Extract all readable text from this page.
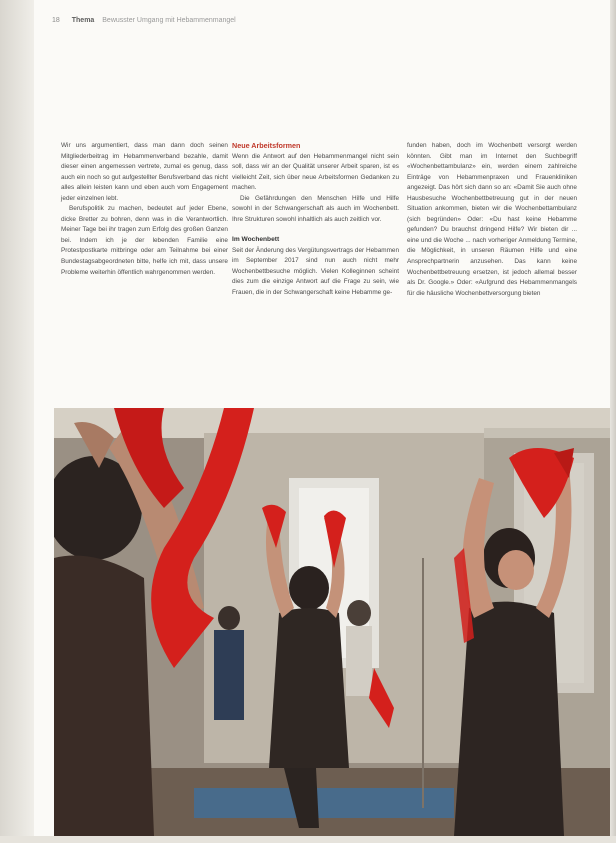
18 Thema Bewusster Umgang mit Hebammenmangel

Wir uns argumentiert, dass man dann doch seinen Mitgliederbeitrag im Hebammenverband bezahle, damit dieser einen angemessen vertrete, zumal es genug, dass auch ein noch so gut aufgestellter Berufsverband das nicht alles allein leisten kann und eben auch vom Engagement jeder einzelnen lebt.

Berufspolitik zu machen, bedeutet auf jeder Ebene, dicke Bretter zu bohren, denn was in die Verantwortlich. Meiner Tage bei ihr tragen zum Erfolg des großen Ganzen bei. Indem ich je der lebenden Familie eine Protestpostkarte mitbringe oder am Teilnahme bei einer Bundestagsabgeordneten bitte, helfe ich mit, dass unsere Probleme weiterhin öffentlich wahrgenommen werden.

Neue Arbeitsformen

Wenn die Antwort auf den Hebammenmangel nicht sein soll, dass wir an der Qualität unserer Arbeit sparen, ist es vielleicht Zeit, sich über neue Arbeitsformen Gedanken zu machen.

Die Gefährdungen den Menschen Hilfe und Hilfe sowohl in der Schwangerschaft als auch im Wochenbett. Ihre Strukturen sowohl inhaltlich als auch zeitlich vor.

Im Wochenbett

Seit der Änderung des Vergütungsvertrags der Hebammen im September 2017 sind nun auch nicht mehr Wochenbettbesuche möglich. Vielen Kolleginnen scheint dies zum die einzige Antwort auf die Frage zu sein, wie Frauen, die in der Schwangerschaft keine Hebamme ge-

funden haben, doch im Wochenbett versorgt werden könnten. Gibt man im Internet den Suchbegriff «Wochenbettambulanz» ein, werden einem zahlreiche Einträge von Hebammenpraxen und Frauenkliniken angezeigt. Das hört sich dann so an: «Damit Sie auch ohne Hausbesuche Wochenbettbetreuung gut in der neuen Situation ankommen, bieten wir die Wochenbettambulanz (sich begründen» Oder: «Du hast keine Hebamme gefunden? Du brauchst dringend Hilfe? Wir bieten dir ... eine und die Woche ... nach vorheriger Anmeldung Termine, die Möglichkeit, in unseren Räumen Hilfe und eine Ansprechpartnerin anzusehen. Das kann keine Wochenbettbetreuung ersetzen, ist jedoch allemal besser als Dr. Google.» Oder: «Aufgrund des Hebammenmangels für die häusliche Wochenbettversorgung bieten
